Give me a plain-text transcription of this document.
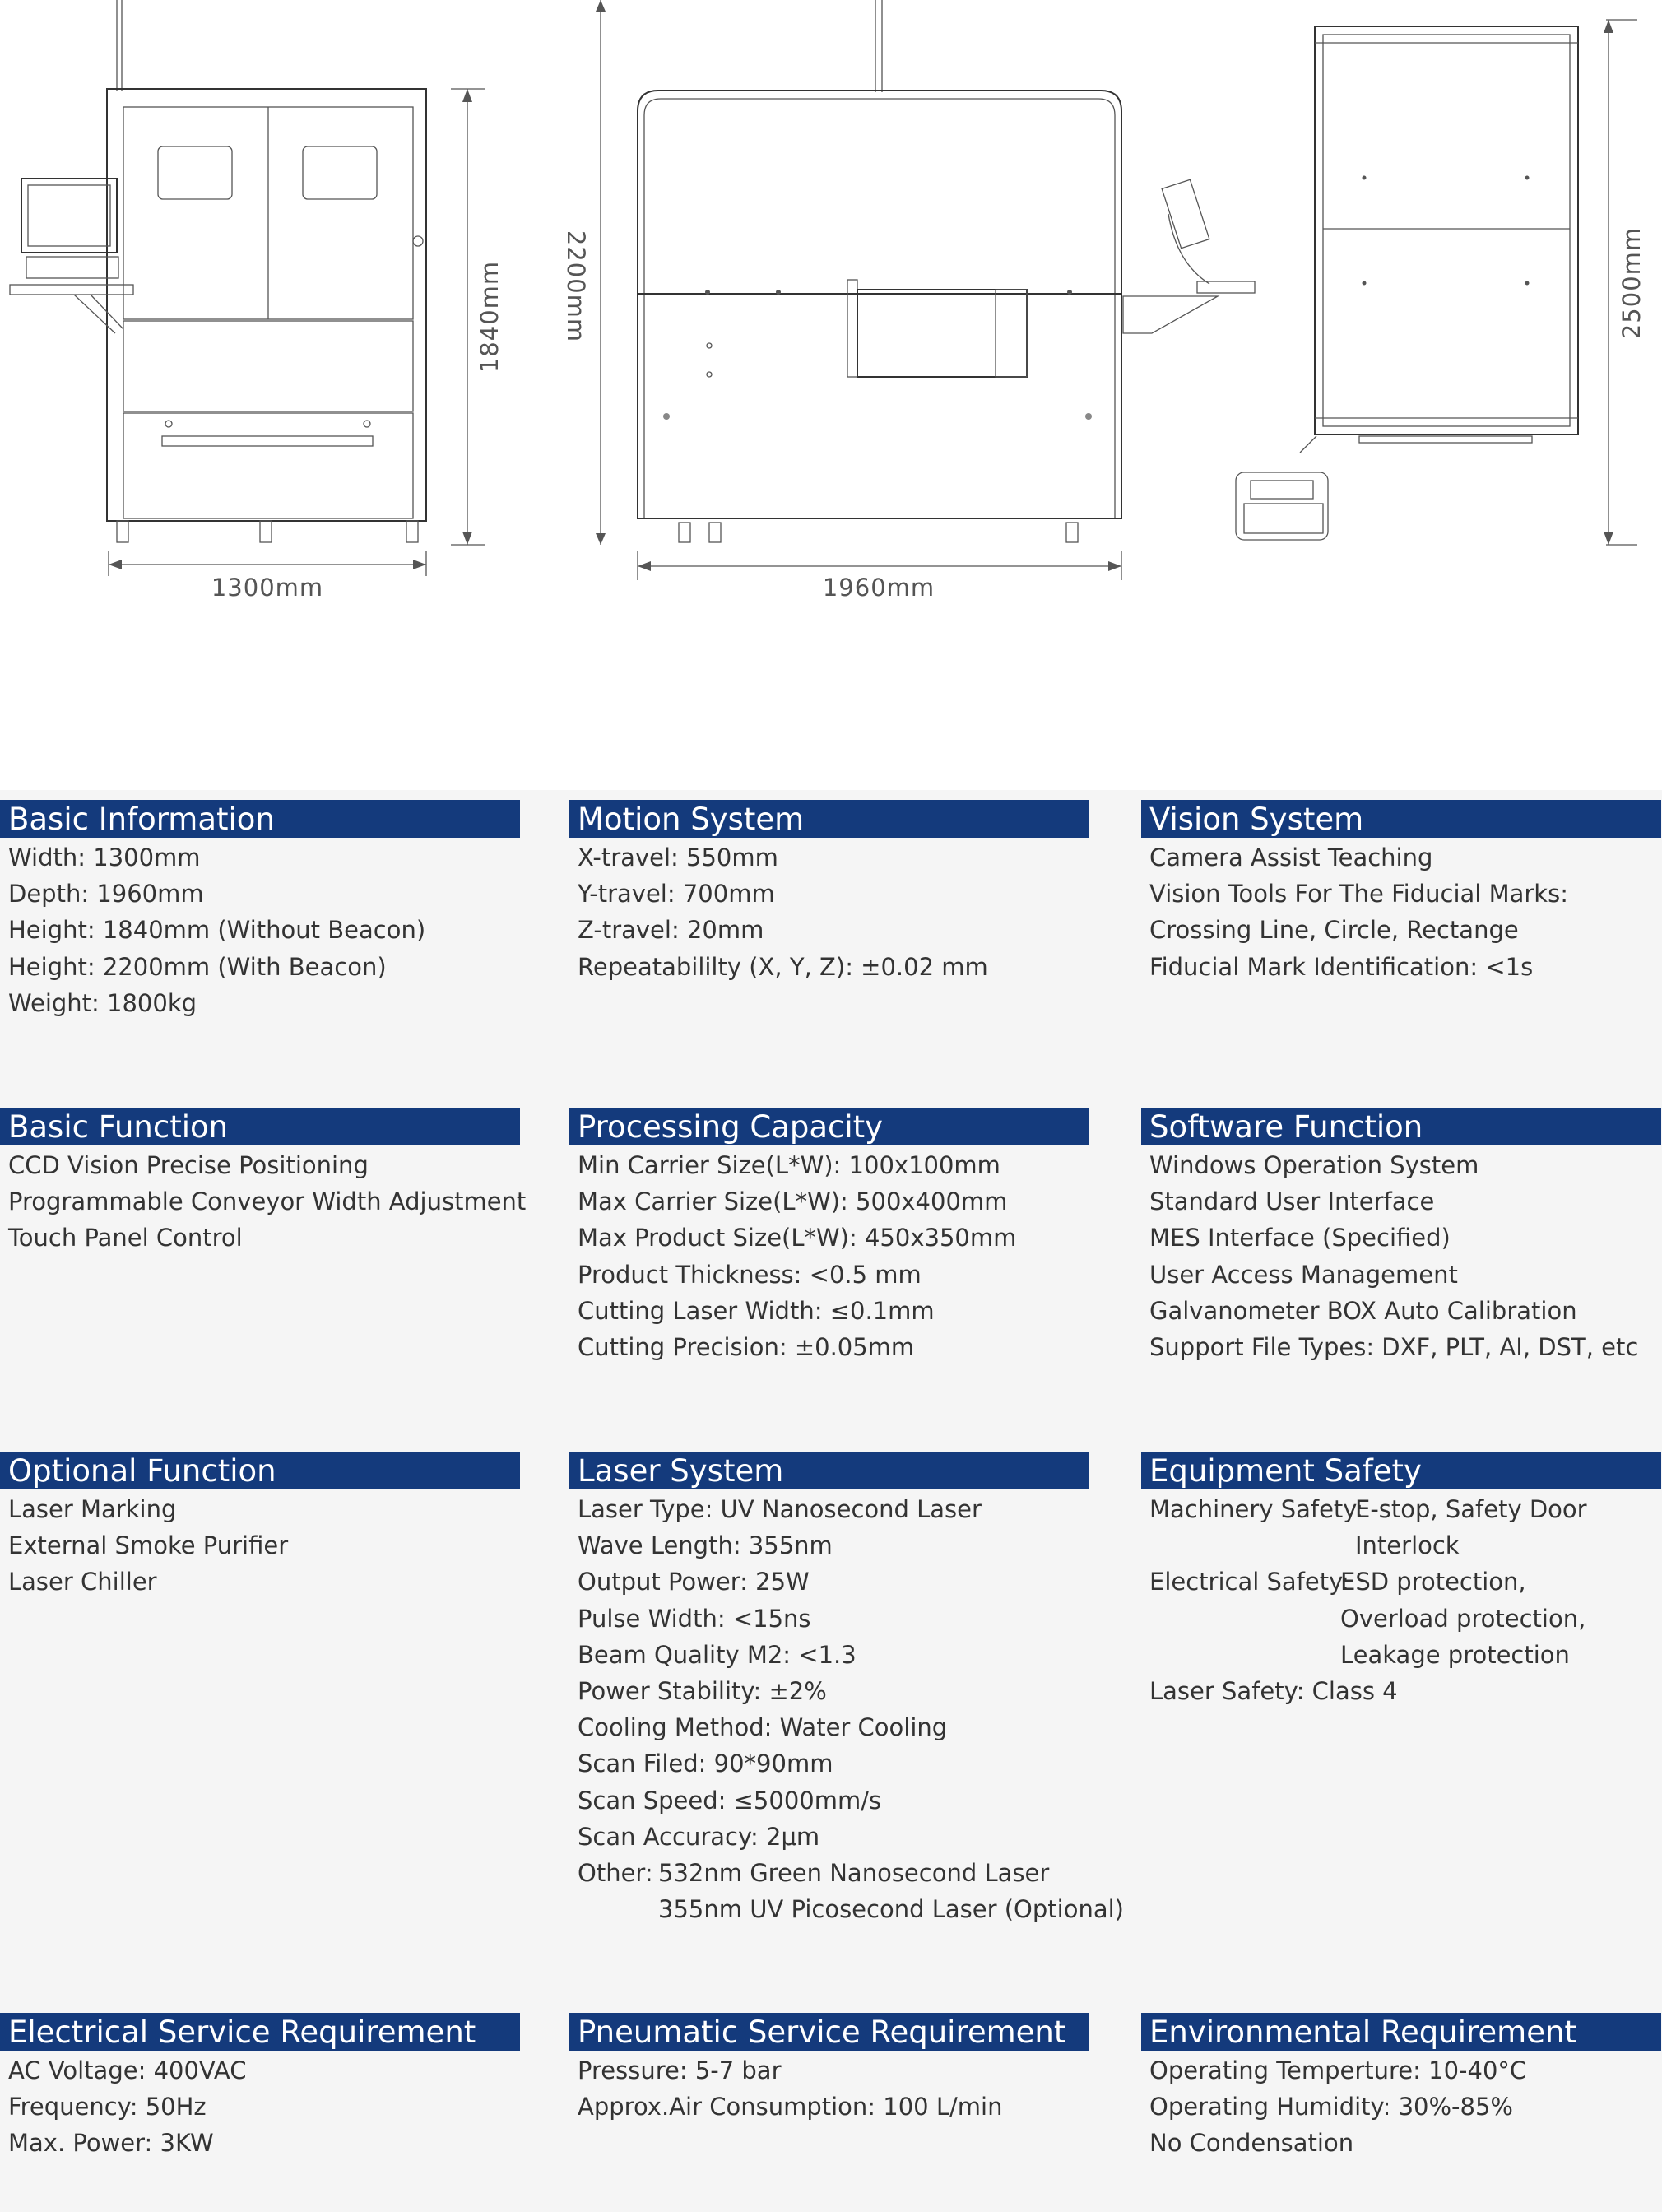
1300mm
1840mm
1960mm
2200mm	2500mm
Basic Information
Width: 1300mm
Depth: 1960mm
Height: 1840mm (Without Beacon)
Height: 2200mm (With Beacon)
Weight: 1800kg
Motion System
X-travel: 550mm
Y-travel: 700mm
Z-travel: 20mm
Repeatabililty (X, Y, Z): ±0.02 mm
Vision System
Camera Assist Teaching
Vision Tools For The Fiducial Marks:
Crossing Line, Circle, Rectange
Fiducial Mark Identification: <1s
Basic Function
CCD Vision Precise Positioning
Programmable Conveyor Width Adjustment
Touch Panel Control
Processing Capacity
Min Carrier Size(L*W): 100x100mm
Max Carrier Size(L*W): 500x400mm
Max Product Size(L*W): 450x350mm
Product Thickness: <0.5 mm
Cutting Laser Width: ≤0.1mm
Cutting Precision: ±0.05mm
Software Function
Windows Operation System
Standard User Interface
MES Interface (Specified)
User Access Management
Galvanometer BOX Auto Calibration
Support File Types: DXF, PLT, AI, DST, etc
Optional Function
Laser Marking
External Smoke Purifier
Laser Chiller
Laser System
Laser Type: UV Nanosecond Laser
Wave Length: 355nm
Output Power: 25W
Pulse Width: <15ns
Beam Quality M2: <1.3
Power Stability: ±2%
Cooling Method: Water Cooling
Scan Filed: 90*90mm
Scan Speed: ≤5000mm/s
Scan Accuracy: 2μm
Other: 532nm Green Nanosecond Laser
355nm UV Picosecond Laser (Optional)
Equipment Safety
Machinery Safety:E-stop, Safety Door
Interlock
Electrical Safety:ESD protection,
Overload protection,
Leakage protection
Laser Safety: Class 4
Electrical Service Requirement
AC Voltage: 400VAC
Frequency: 50Hz
Max. Power: 3KW
Pneumatic Service Requirement
Pressure: 5-7 bar
Approx.Air Consumption: 100 L/min
Environmental Requirement
Operating Temperture: 10-40°C
Operating Humidity: 30%-85%
No Condensation
